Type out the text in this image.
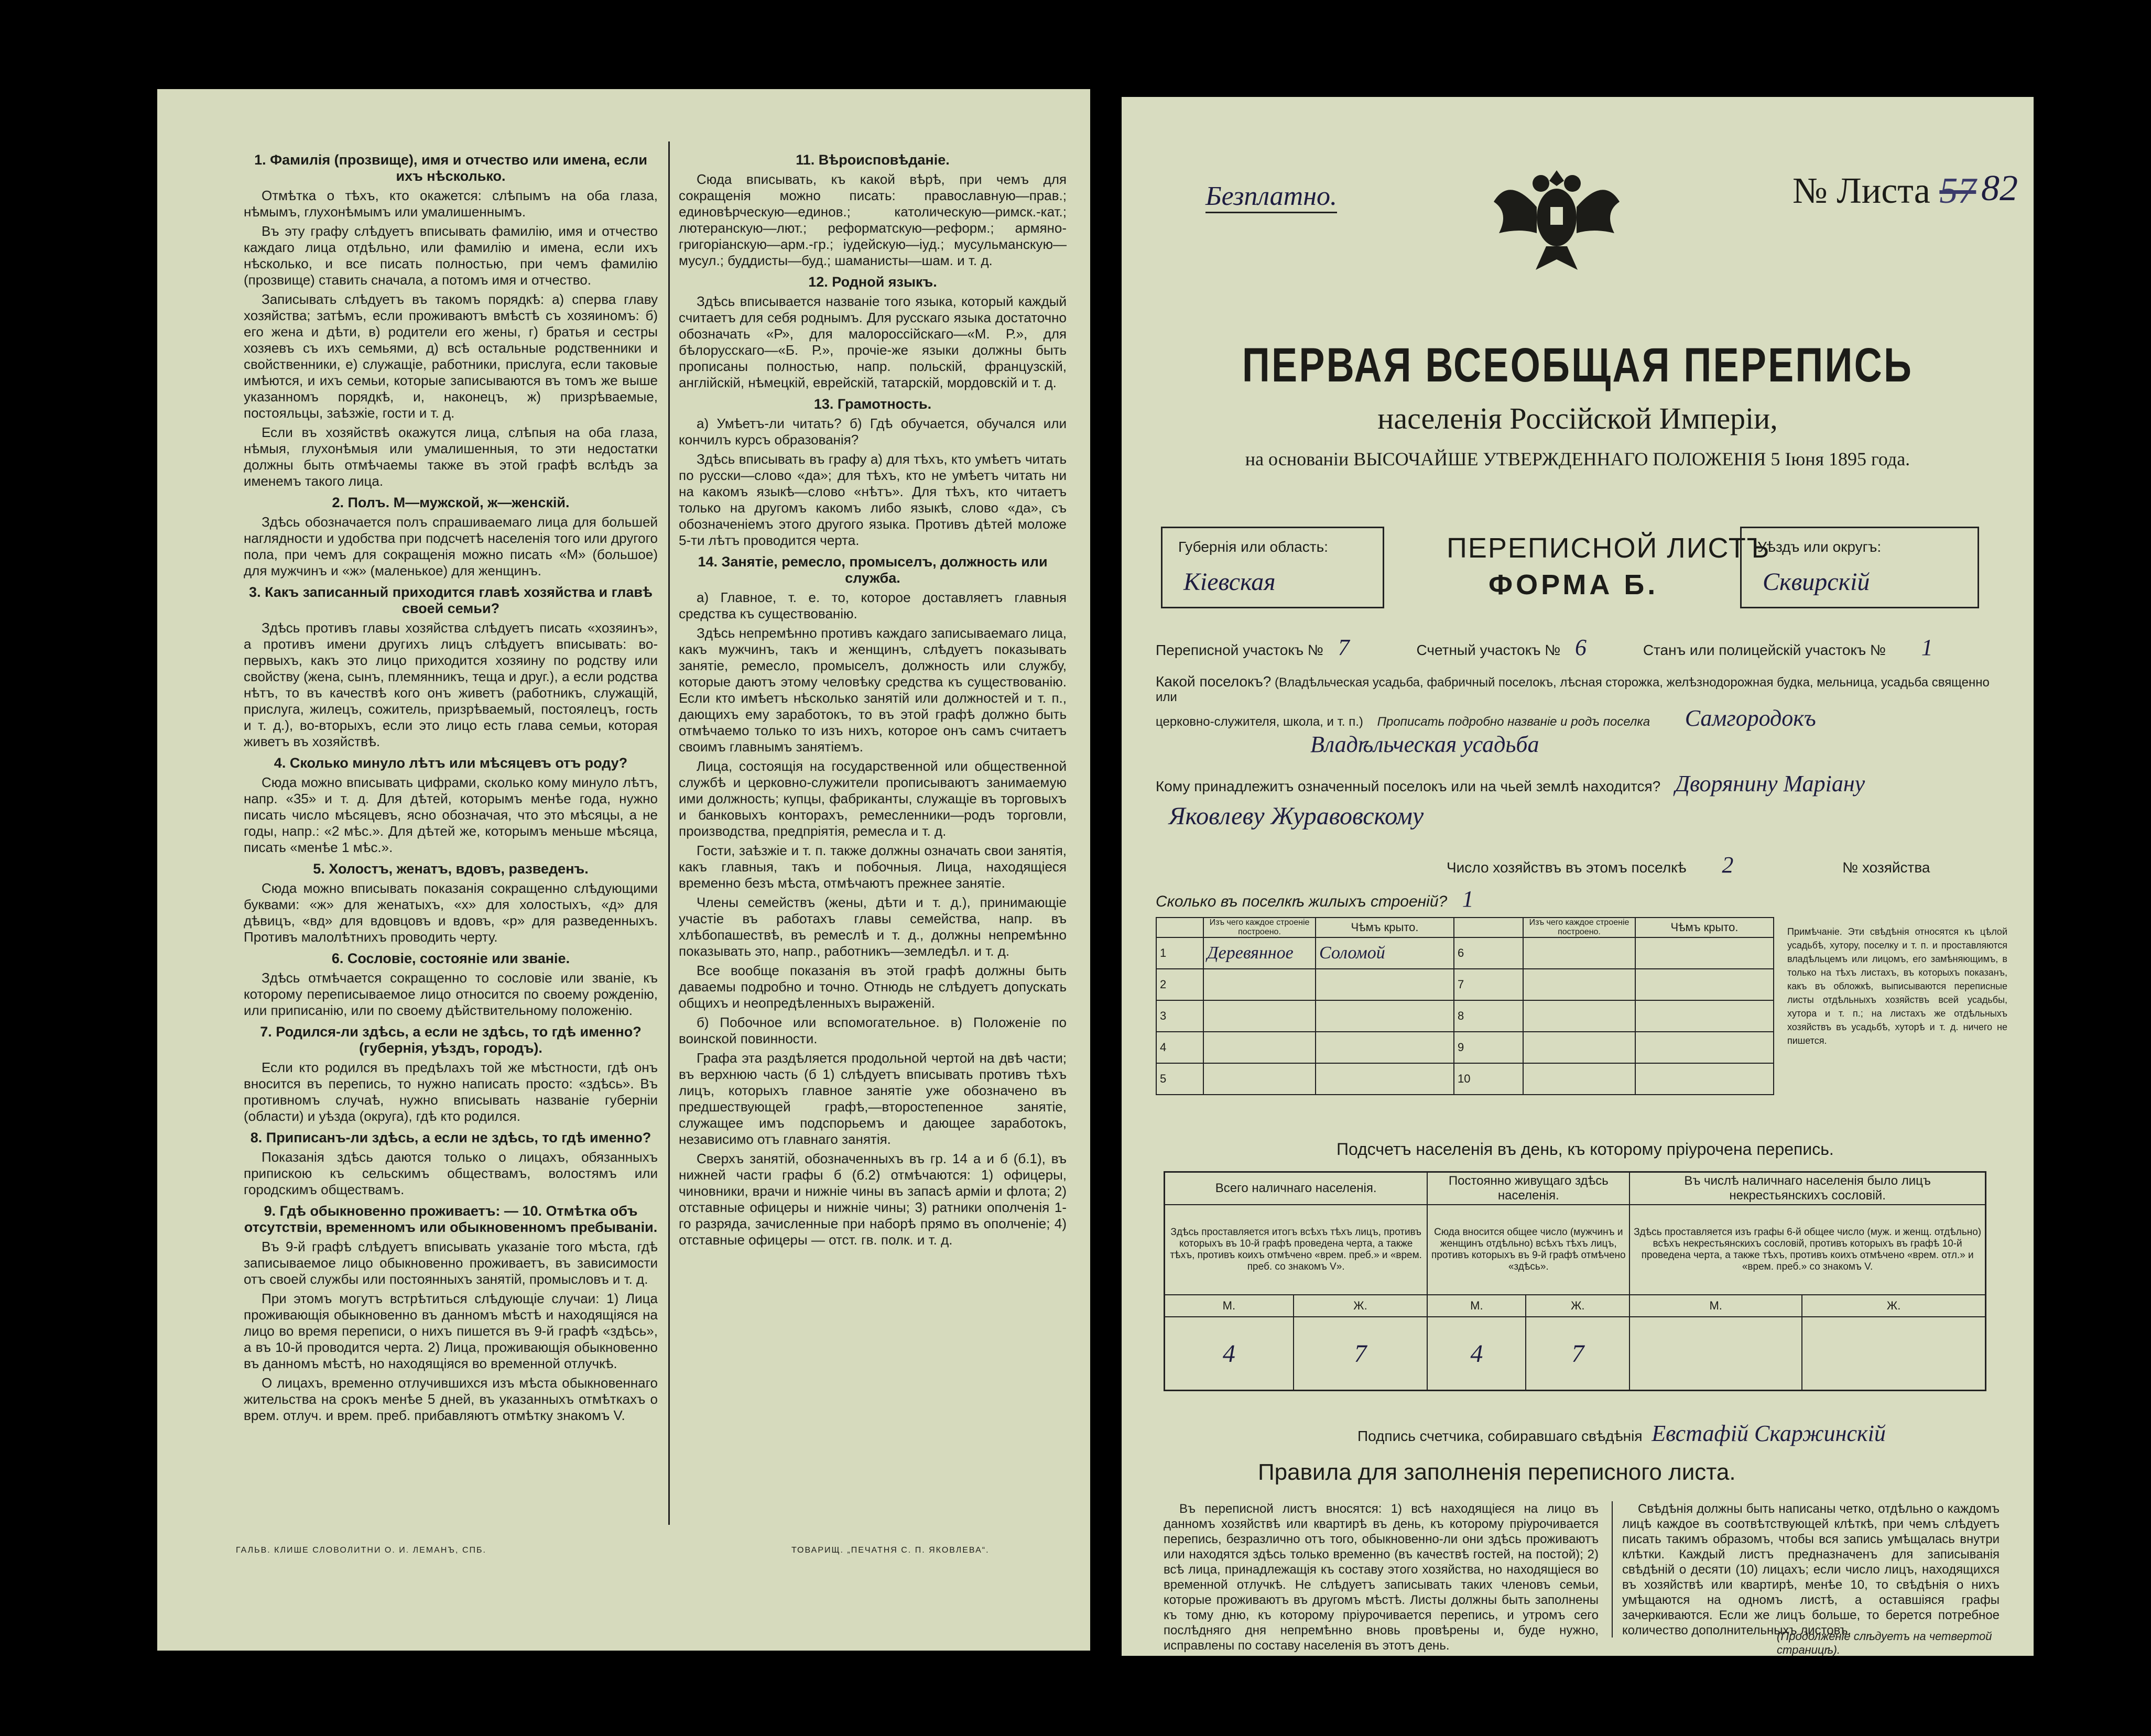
1. Фамилія (прозвище), имя и отчество или имена, если ихъ нѣсколько.

Отмѣтка о тѣхъ, кто окажется: слѣпымъ на оба глаза, нѣмымъ, глухонѣмымъ или умалишеннымъ.

Въ эту графу слѣдуетъ вписывать фамилію, имя и отчество каждаго лица отдѣльно, или фамилію и имена, если ихъ нѣсколько, и все писать полностью, при чемъ фамилію (прозвище) ставить сначала, а потомъ имя и отчество.

Записывать слѣдуетъ въ такомъ порядкѣ: а) сперва главу хозяйства; затѣмъ, если проживаютъ вмѣстѣ съ хозяиномъ: б) его жена и дѣти, в) родители его жены, г) братья и сестры хозяевъ съ ихъ семьями, д) всѣ остальные родственники и свойственники, е) служащіе, работники, прислуга, если таковые имѣются, и ихъ семьи, которые записываются въ томъ же выше указанномъ порядкѣ, и, наконецъ, ж) призрѣваемые, постояльцы, заѣзжіе, гости и т. д.

Если въ хозяйствѣ окажутся лица, слѣпыя на оба глаза, нѣмыя, глухонѣмыя или умалишенныя, то эти недостатки должны быть отмѣчаемы также въ этой графѣ вслѣдъ за именемъ такого лица.

2. Полъ. М—мужской, ж—женскій.

Здѣсь обозначается полъ спрашиваемаго лица для большей наглядности и удобства при подсчетѣ населенія того или другого пола, при чемъ для сокращенія можно писать «М» (большое) для мужчинъ и «ж» (маленькое) для женщинъ.

3. Какъ записанный приходится главѣ хозяйства и главѣ своей семьи?

Здѣсь противъ главы хозяйства слѣдуетъ писать «хозяинъ», а противъ имени другихъ лицъ слѣдуетъ вписывать: во-первыхъ, какъ это лицо приходится хозяину по родству или свойству (жена, сынъ, племянникъ, теща и друг.), а если родства нѣтъ, то въ качествѣ кого онъ живетъ (работникъ, служащій, прислуга, жилецъ, сожитель, призрѣваемый, постоялецъ, гость и т. д.), во-вторыхъ, если это лицо есть глава семьи, которая живетъ въ хозяйствѣ.

4. Сколько минуло лѣтъ или мѣсяцевъ отъ роду?

Сюда можно вписывать цифрами, сколько кому минуло лѣтъ, напр. «35» и т. д. Для дѣтей, которымъ менѣе года, нужно писать число мѣсяцевъ, ясно обозначая, что это мѣсяцы, а не годы, напр.: «2 мѣс.». Для дѣтей же, которымъ меньше мѣсяца, писать «менѣе 1 мѣс.».

5. Холостъ, женатъ, вдовъ, разведенъ.

Сюда можно вписывать показанія сокращенно слѣдующими буквами: «ж» для женатыхъ, «х» для холостыхъ, «д» для дѣвицъ, «вд» для вдовцовъ и вдовъ, «р» для разведенныхъ. Противъ малолѣтнихъ проводить черту.

6. Сословіе, состояніе или званіе.

Здѣсь отмѣчается сокращенно то сословіе или званіе, къ которому переписываемое лицо относится по своему рожденію, или приписанію, или по своему дѣйствительному положенію.

7. Родился-ли здѣсь, а если не здѣсь, то гдѣ именно? (губернія, уѣздъ, городъ).

Если кто родился въ предѣлахъ той же мѣстности, гдѣ онъ вносится въ перепись, то нужно написать просто: «здѣсь». Въ противномъ случаѣ, нужно вписывать названіе губерніи (области) и уѣзда (округа), гдѣ кто родился.

8. Приписанъ-ли здѣсь, а если не здѣсь, то гдѣ именно?

Показанія здѣсь даются только о лицахъ, обязанныхъ припискою къ сельскимъ обществамъ, волостямъ или городскимъ обществамъ.

9. Гдѣ обыкновенно проживаетъ: — 10. Отмѣтка объ отсутствіи, временномъ или обыкновенномъ пребываніи.

Въ 9-й графѣ слѣдуетъ вписывать указаніе того мѣста, гдѣ записываемое лицо обыкновенно проживаетъ, въ зависимости отъ своей службы или постоянныхъ занятій, промысловъ и т. д.

При этомъ могутъ встрѣтиться слѣдующіе случаи: 1) Лица проживающія обыкновенно въ данномъ мѣстѣ и находящіяся на лицо во время переписи, о нихъ пишется въ 9-й графѣ «здѣсь», а въ 10-й проводится черта. 2) Лица, проживающія обыкновенно въ данномъ мѣстѣ, но находящіяся во временной отлучкѣ.

О лицахъ, временно отлучившихся изъ мѣста обыкновеннаго жительства на срокъ менѣе 5 дней, въ указанныхъ отмѣткахъ о врем. отлуч. и врем. преб. прибавляютъ отмѣтку знакомъ V.

11. Вѣроисповѣданіе.

Сюда вписывать, къ какой вѣрѣ, при чемъ для сокращенія можно писать: православную—прав.; единовѣрческую—единов.; католическую—римск.-кат.; лютеранскую—лют.; реформатскую—реформ.; армяно-григоріанскую—арм.-гр.; іудейскую—іуд.; мусульманскую—мусул.; буддисты—буд.; шаманисты—шам. и т. д.

12. Родной языкъ.

Здѣсь вписывается названіе того языка, который каждый считаетъ для себя роднымъ. Для русскаго языка достаточно обозначать «Р», для малороссійскаго—«М. Р.», для бѣлорусскаго—«Б. Р.», прочіе-же языки должны быть прописаны полностью, напр. польскій, французскій, англійскій, нѣмецкій, еврейскій, татарскій, мордовскій и т. д.

13. Грамотность.

а) Умѣетъ-ли читать? б) Гдѣ обучается, обучался или кончилъ курсъ образованія?

Здѣсь вписывать въ графу а) для тѣхъ, кто умѣетъ читать по русски—слово «да»; для тѣхъ, кто не умѣетъ читать ни на какомъ языкѣ—слово «нѣтъ». Для тѣхъ, кто читаетъ только на другомъ какомъ либо языкѣ, слово «да», съ обозначеніемъ этого другого языка. Противъ дѣтей моложе 5-ти лѣтъ проводится черта.

14. Занятіе, ремесло, промыселъ, должность или служба.

а) Главное, т. е. то, которое доставляетъ главныя средства къ существованію.

Здѣсь непремѣнно противъ каждаго записываемаго лица, какъ мужчинъ, такъ и женщинъ, слѣдуетъ показывать занятіе, ремесло, промыселъ, должность или службу, которые даютъ этому человѣку средства къ существованію. Если кто имѣетъ нѣсколько занятій или должностей и т. п., дающихъ ему заработокъ, то въ этой графѣ должно быть отмѣчаемо только то изъ нихъ, которое онъ самъ считаетъ своимъ главнымъ занятіемъ.

Лица, состоящія на государственной или общественной службѣ и церковно-служители прописываютъ занимаемую ими должность; купцы, фабриканты, служащіе въ торговыхъ и банковыхъ конторахъ, ремесленники—родъ торговли, производства, предпріятія, ремесла и т. д.

Гости, заѣзжіе и т. п. также должны означать свои занятія, какъ главныя, такъ и побочныя. Лица, находящіеся временно безъ мѣста, отмѣчаютъ прежнее занятіе.

Члены семействъ (жены, дѣти и т. д.), принимающіе участіе въ работахъ главы семейства, напр. въ хлѣбопашествѣ, въ ремеслѣ и т. д., должны непремѣнно показывать это, напр., работникъ—земледѣл. и т. д.

Все вообще показанія въ этой графѣ должны быть даваемы подробно и точно. Отнюдь не слѣдуетъ допускать общихъ и неопредѣленныхъ выраженій.

б) Побочное или вспомогательное. в) Положеніе по воинской повинности.

Графа эта раздѣляется продольной чертой на двѣ части; въ верхнюю часть (б 1) слѣдуетъ вписывать противъ тѣхъ лицъ, которыхъ главное занятіе уже обозначено въ предшествующей графѣ,—второстепенное занятіе, служащее имъ подспорьемъ и дающее заработокъ, независимо отъ главнаго занятія.

Сверхъ занятій, обозначенныхъ въ гр. 14 а и б (б.1), въ нижней части графы б (б.2) отмѣчаются: 1) офицеры, чиновники, врачи и нижніе чины въ запасѣ арміи и флота; 2) отставные офицеры и нижніе чины; 3) ратники ополченія 1-го разряда, зачисленные при наборѣ прямо въ ополченіе; 4) отставные офицеры — отст. гв. полк. и т. д.

ГАЛЬВ. КЛИШЕ СЛОВОЛИТНИ О. И. ЛЕМАНЪ, СПБ.	ТОВАРИЩ. „ПЕЧАТНЯ С. П. ЯКОВЛЕВА“.
Безплатно.	№ Листа 57 82
ПЕРВАЯ ВСЕОБЩАЯ ПЕРЕПИСЬ
населенія Россійской Имперіи,
на основаніи ВЫСОЧАЙШЕ УТВЕРЖДЕННАГО ПОЛОЖЕНІЯ 5 Іюня 1895 года.
Губернія или область:
Кіевская
ПЕРЕПИСНОЙ ЛИСТЪ
ФОРМА Б.
Уѣздъ или округъ:
Сквирскій
Переписной участокъ № 7	Счетный участокъ № 6	Станъ или полицейскій участокъ № 1
Какой поселокъ? (Владѣльческая усадьба, фабричный поселокъ, лѣсная сторожка, желѣзнодорожная будка, мельница, усадьба священно или
церковно-служителя, школа, и т. п.) Прописать подробно названіе и родъ поселка Самгородокъ
Владѣльческая усадьба
Кому принадлежитъ означенный поселокъ или на чьей землѣ находится? Дворянину Марiану
Яковлеву Журавовскому
Число хозяйствъ въ этомъ поселкѣ 2	№ хозяйства
Сколько въ поселкѣ жилыхъ строеній? 1
	Изъ чего каждое строеніе построено.	Чѣмъ крыто.		Изъ чего каждое строеніе построено.	Чѣмъ крыто.
1	Деревянное	Соломой	6		
2			7		
3			8		
4			9		
5			10		
Примѣчаніе. Эти свѣдѣнія относятся къ цѣлой усадьбѣ, хутору, поселку и т. п. и проставляются владѣльцемъ или лицомъ, его замѣняющимъ, в только на тѣхъ листахъ, въ которыхъ показанъ, какъ въ обложкѣ, выписываются переписные листы отдѣльныхъ хозяйствъ всей усадьбы, хутора и т. п.; на листахъ же отдѣльныхъ хозяйствъ въ усадьбѣ, хуторѣ и т. д. ничего не пишется.
Подсчетъ населенія въ день, къ которому пріурочена перепись.
Всего наличнаго населенія.		Постоянно живущаго здѣсь населенія.		Въ числѣ наличнаго населенія было лицъ некрестьянскихъ сословій.	
Здѣсь проставляется итогъ всѣхъ тѣхъ лицъ, противъ которыхъ въ 10-й графѣ проведена черта, а также тѣхъ, противъ коихъ отмѣчено «врем. преб.» и «врем. преб. со знакомъ V».		Сюда вносится общее число (мужчинъ и женщинъ отдѣльно) всѣхъ тѣхъ лицъ, противъ которыхъ въ 9-й графѣ отмѣчено «здѣсь».		Здѣсь проставляется изъ графы 6-й общее число (муж. и женщ. отдѣльно) всѣхъ некрестьянскихъ сословій, противъ которыхъ въ графѣ 10-й проведена черта, а также тѣхъ, противъ коихъ отмѣчено «врем. отл.» и «врем. преб.» со знакомъ V.	
М.	Ж.	М.	Ж.	М.	Ж.
4	7	4	7		
Подпись счетчика, собиравшаго свѣдѣнія Евстафій Скаржинскій
Правила для заполненія переписного листа.
Въ переписной листъ вносятся: 1) всѣ находящіеся на лицо въ данномъ хозяйствѣ или квартирѣ въ день, къ которому пріурочивается перепись, безразлично отъ того, обыкновенно-ли они здѣсь проживаютъ или находятся здѣсь только временно (въ качествѣ гостей, на постой); 2) всѣ лица, принадлежащія къ составу этого хозяйства, но находящіеся во временной отлучкѣ. Не слѣдуетъ записывать таких членовъ семьи, которые проживаютъ въ другомъ мѣстѣ. Листы должны быть заполнены къ тому дню, къ которому пріурочивается перепись, и утромъ сего послѣдняго дня непремѣнно вновь провѣрены и, буде нужно, исправлены по составу населенія въ этотъ день.
Свѣдѣнія должны быть написаны четко, отдѣльно о каждомъ лицѣ каждое въ соотвѣтствующей клѣткѣ, при чемъ слѣдуетъ писать такимъ образомъ, чтобы вся запись умѣщалась внутри клѣтки. Каждый листъ предназначенъ для записыванія свѣдѣній о десяти (10) лицахъ; если число лицъ, находящихся въ хозяйствѣ или квартирѣ, менѣе 10, то свѣдѣнія о нихъ умѣщаются на одномъ листѣ, а оставшіяся графы зачеркиваются. Если же лицъ больше, то берется потребное количество дополнительныхъ листовъ.
(Продолженіе слѣдуетъ на четвертой страницѣ).
